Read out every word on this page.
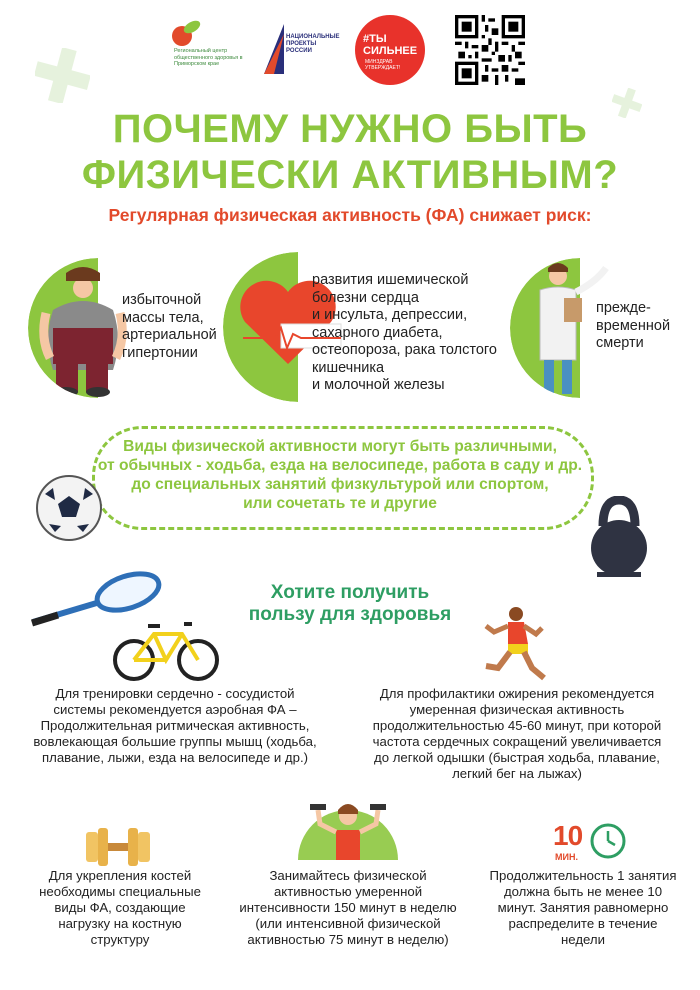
Региональный центр общественного здоровья в Приморском крае
НАЦИОНАЛЬНЫЕ ПРОЕКТЫ РОССИИ
#ТЫ
СИЛЬНЕЕ
МИНЗДРАВ УТВЕРЖДАЕТ!
ПОЧЕМУ НУЖНО БЫТЬ
ФИЗИЧЕСКИ АКТИВНЫМ?
Регулярная физическая активность (ФА) снижает риск:
избыточной
массы тела,
артериальной
гипертонии
развития ишемической
болезни сердца
и инсульта, депрессии,
сахарного диабета,
остеопороза, рака толстого
кишечника
и молочной железы
преждe-
временной
смерти
Виды физической активности могут быть различными,
от обычных - ходьба, езда на велосипеде, работа в саду и др.
до специальных занятий физкультурой или спортом,
или сочетать те и другие
Хотите получить
пользу для здоровья
Для тренировки сердечно - сосудистой
системы рекомендуется аэробная ФА –
Продолжительная ритмическая активность,
вовлекающая большие группы мышц (ходьба,
плавание, лыжи, езда на велосипеде и др.)
Для профилактики ожирения рекомендуется
умеренная физическая активность
продолжительностью 45-60 минут, при которой
частота сердечных сокращений увеличивается
до легкой одышки (быстрая ходьба, плавание,
легкий бег на лыжах)
10
МИН.
Для укрепления костей
необходимы специальные
виды ФА, создающие
нагрузку на костную
структуру
Занимайтесь физической
активностью умеренной
интенсивности 150 минут в неделю
(или интенсивной физической
активностью 75 минут в неделю)
Продолжительность 1 занятия
должна быть не менее 10
минут. Занятия равномерно
распределите в течение
недели
